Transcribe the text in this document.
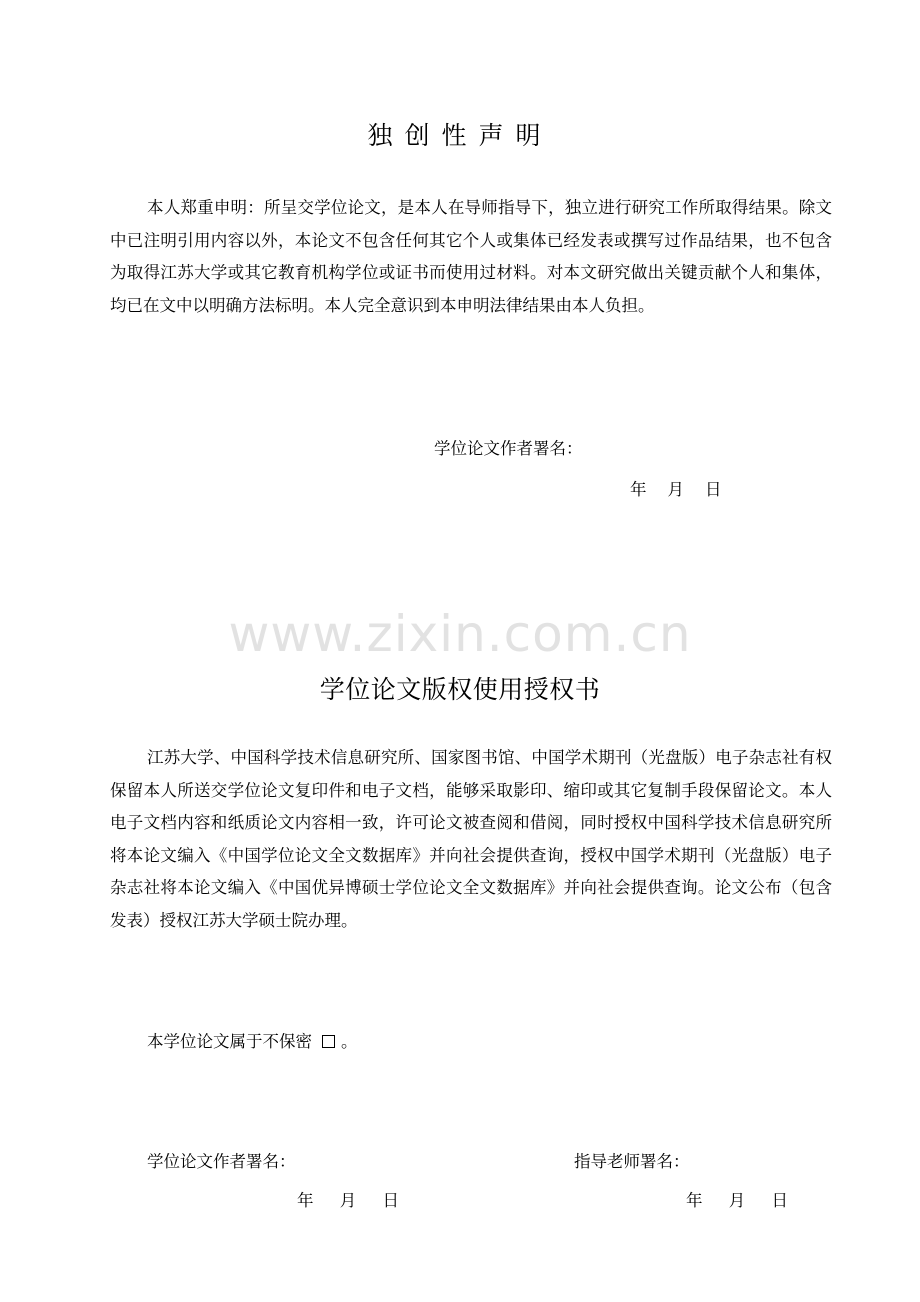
独创性声明

本人郑重申明：所呈交学位论文，是本人在导师指导下，独立进行研究工作所取得结果。除文中已注明引用内容以外，本论文不包含任何其它个人或集体已经发表或撰写过作品结果，也不包含为取得江苏大学或其它教育机构学位或证书而使用过材料。对本文研究做出关键贡献个人和集体，均已在文中以明确方法标明。本人完全意识到本申明法律结果由本人负担。

学位论文作者署名：
年    月    日
www.zixin.com.cn
学位论文版权使用授权书

江苏大学、中国科学技术信息研究所、国家图书馆、中国学术期刊（光盘版）电子杂志社有权保留本人所送交学位论文复印件和电子文档，能够采取影印、缩印或其它复制手段保留论文。本人电子文档内容和纸质论文内容相一致，许可论文被查阅和借阅，同时授权中国科学技术信息研究所将本论文编入《中国学位论文全文数据库》并向社会提供查询，授权中国学术期刊（光盘版）电子杂志社将本论文编入《中国优异博硕士学位论文全文数据库》并向社会提供查询。论文公布（包含发表）授权江苏大学硕士院办理。

本学位论文属于不保密 。
学位论文作者署名：	指导老师署名：
年     月     日	年     月     日
